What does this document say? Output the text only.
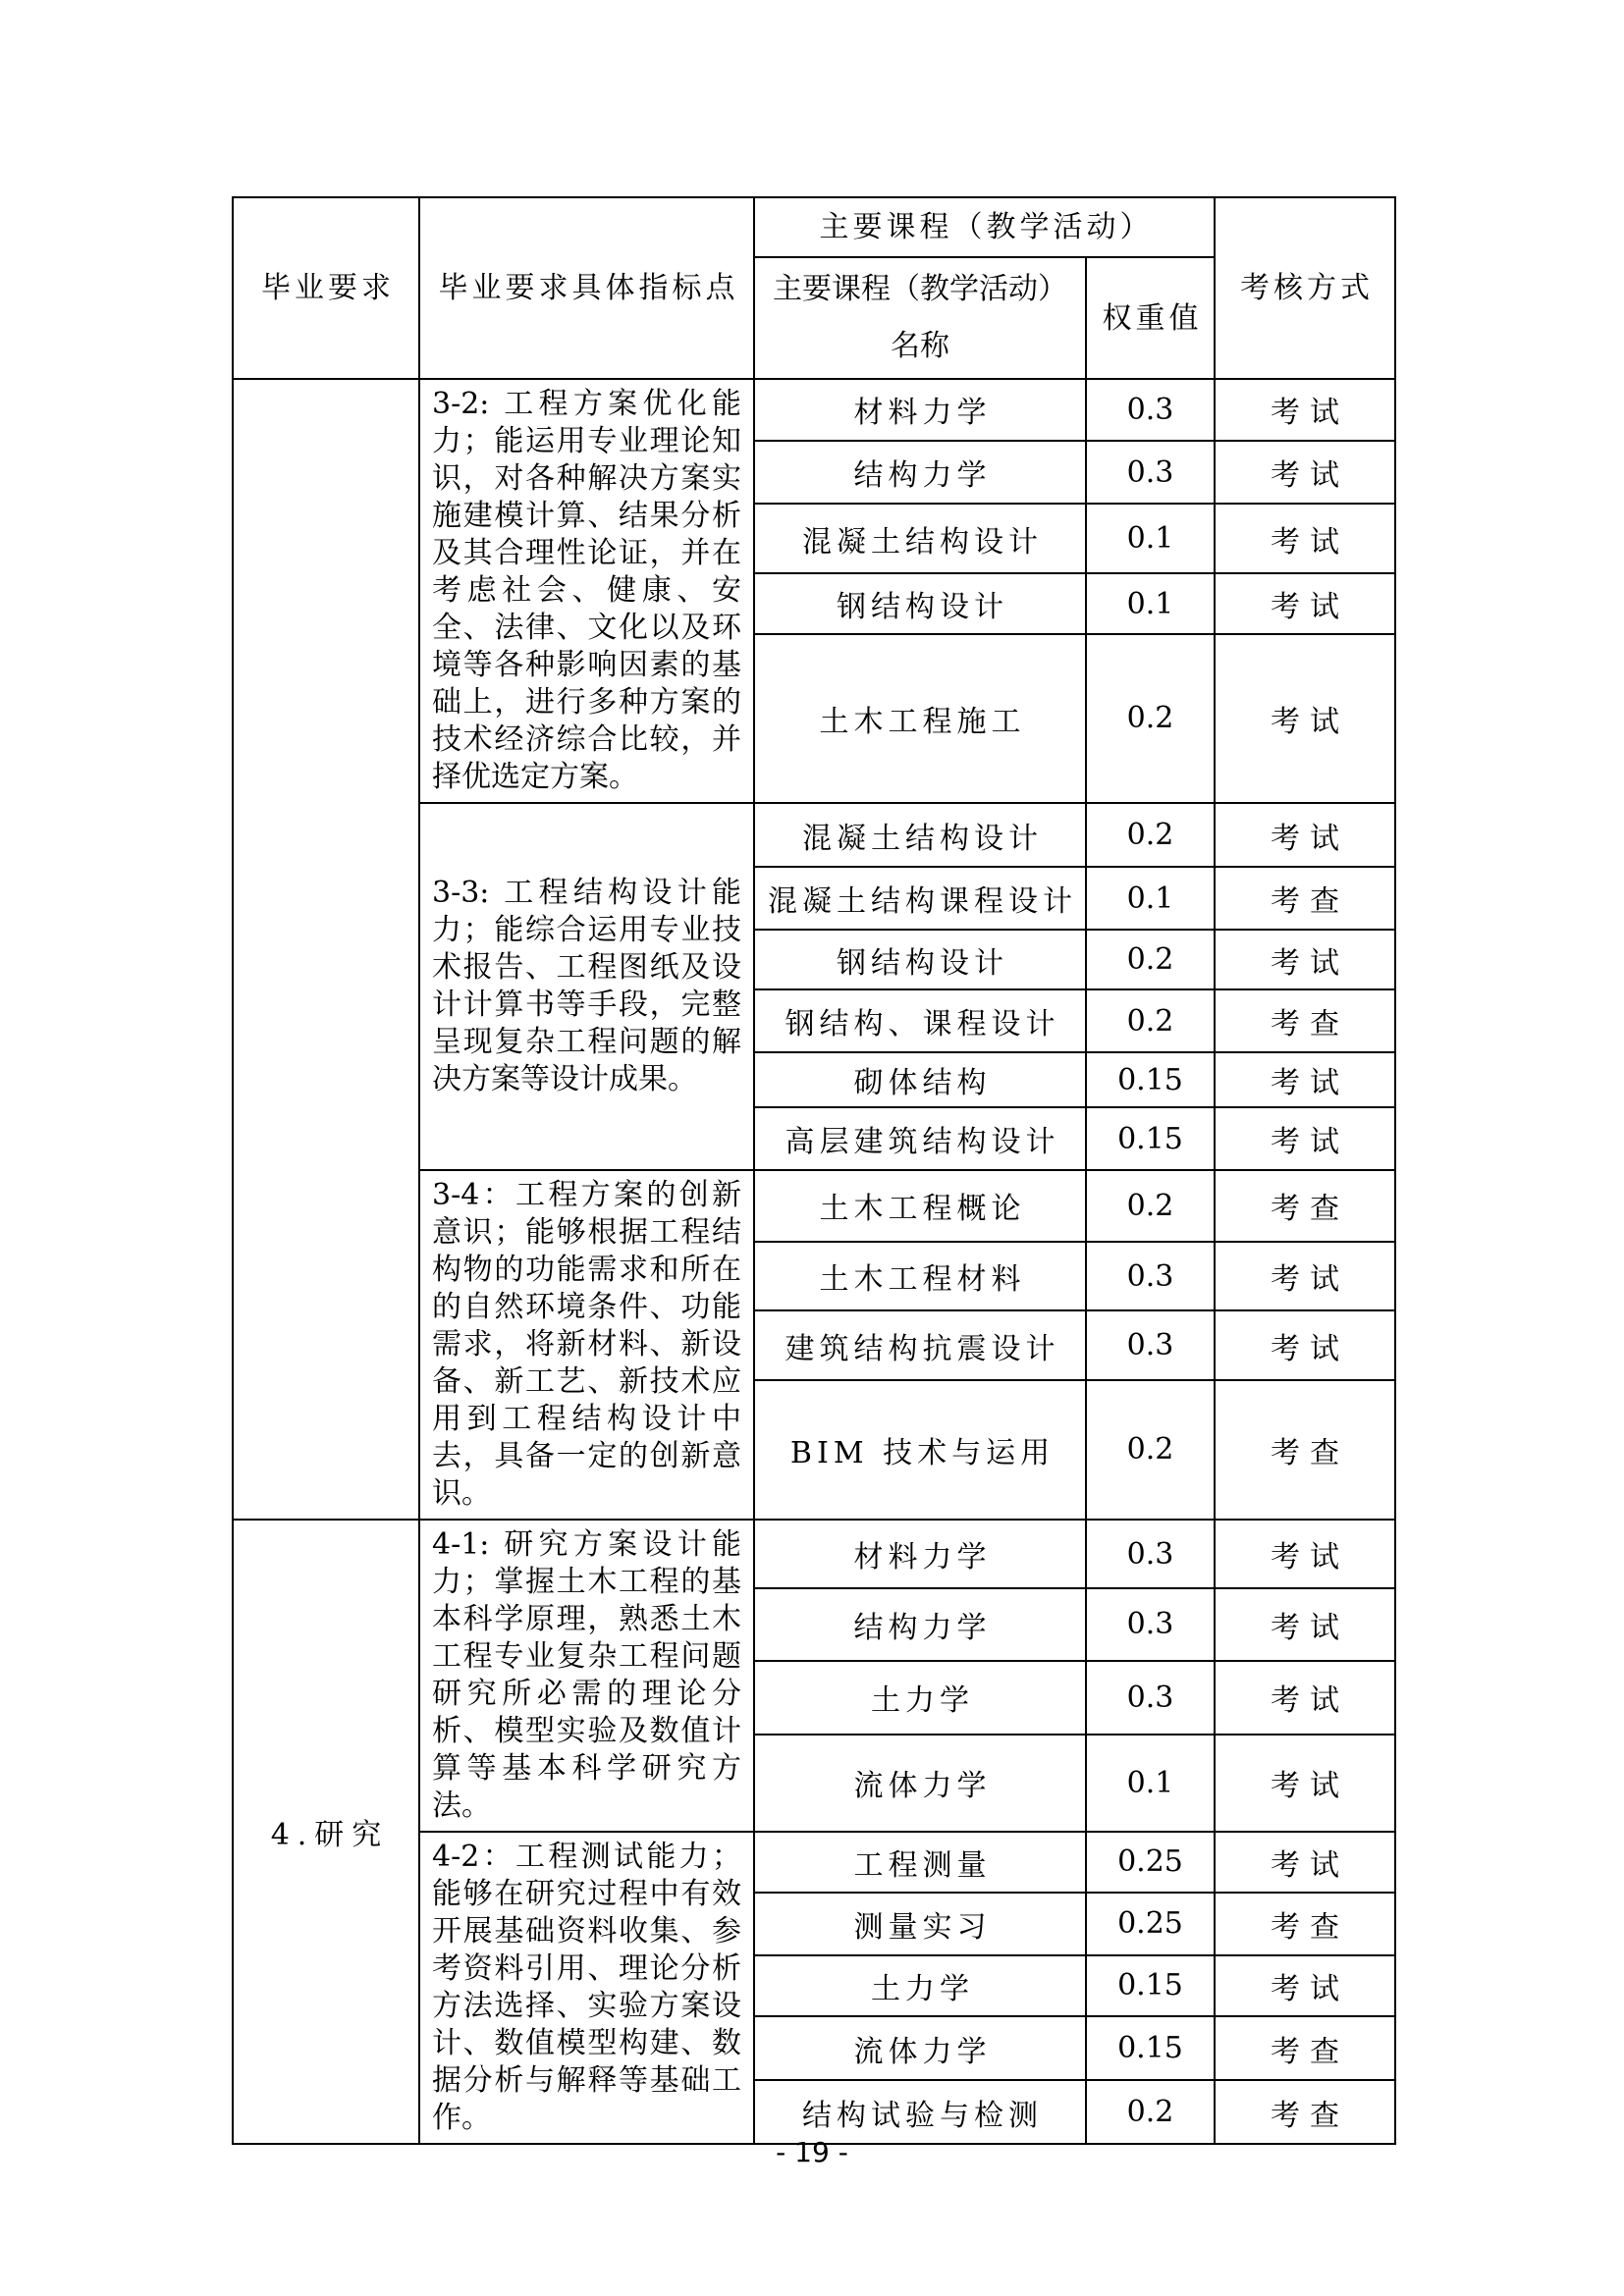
毕业要求	毕业要求具体指标点	主要课程（教学活动）		考核方式
		主要课程（教学活动）名称	权重值	
	3-2: 工程方案优化能力；能运用专业理论知识，对各种解决方案实施建模计算、结果分析及其合理性论证，并在考虑社会、健康、安全、法律、文化以及环境等各种影响因素的基础上，进行多种方案的技术经济综合比较，并择优选定方案。	材料力学	0.3	考试
		结构力学	0.3	考试
		混凝土结构设计	0.1	考试
		钢结构设计	0.1	考试
		土木工程施工	0.2	考试
	3-3: 工程结构设计能力；能综合运用专业技术报告、工程图纸及设计计算书等手段，完整呈现复杂工程问题的解决方案等设计成果。	混凝土结构设计	0.2	考试
		混凝土结构课程设计	0.1	考查
		钢结构设计	0.2	考试
		钢结构、课程设计	0.2	考查
		砌体结构	0.15	考试
		高层建筑结构设计	0.15	考试
	3-4：工程方案的创新意识；能够根据工程结构物的功能需求和所在的自然环境条件、功能需求，将新材料、新设备、新工艺、新技术应用到工程结构设计中去，具备一定的创新意识。	土木工程概论	0.2	考查
		土木工程材料	0.3	考试
		建筑结构抗震设计	0.3	考试
		BIM 技术与运用	0.2	考查
4.研究	4-1: 研究方案设计能力；掌握土木工程的基本科学原理，熟悉土木工程专业复杂工程问题研究所必需的理论分析、模型实验及数值计算等基本科学研究方法。	材料力学	0.3	考试
		结构力学	0.3	考试
		土力学	0.3	考试
		流体力学	0.1	考试
	4-2：工程测试能力；能够在研究过程中有效开展基础资料收集、参考资料引用、理论分析方法选择、实验方案设计、数值模型构建、数据分析与解释等基础工作。	工程测量	0.25	考试
		测量实习	0.25	考查
		土力学	0.15	考试
		流体力学	0.15	考查
		结构试验与检测	0.2	考查
- 19 -
